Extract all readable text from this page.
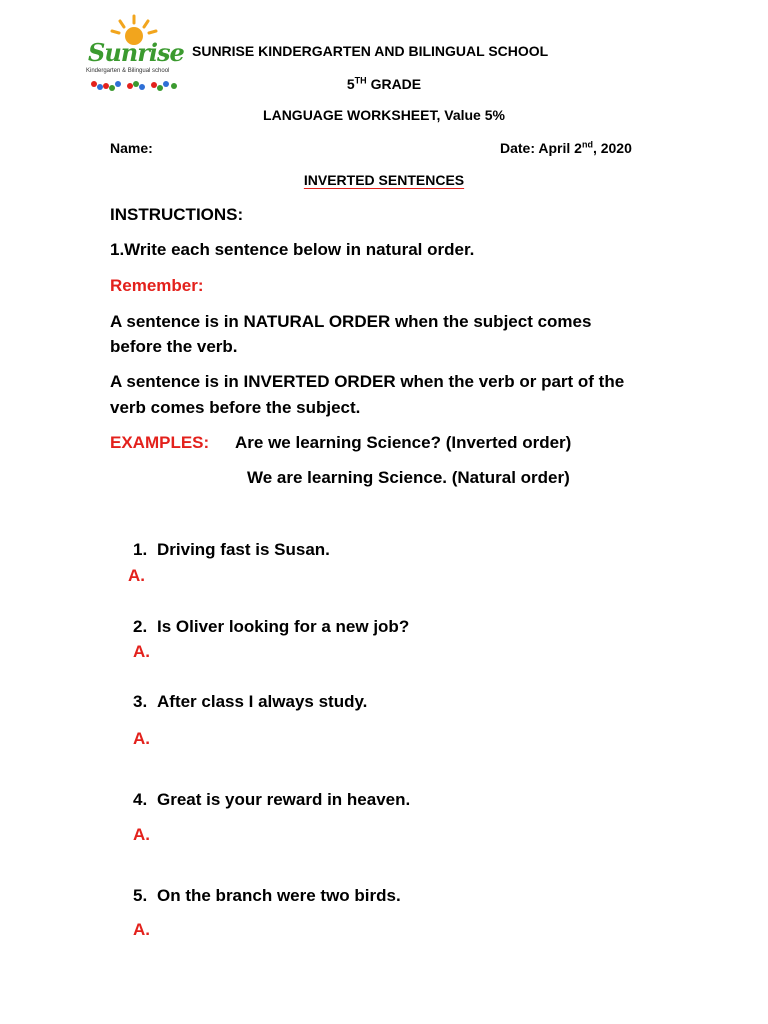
Sunrise
Kindergarten & Bilingual school
SUNRISE KINDERGARTEN AND BILINGUAL SCHOOL
5TH GRADE
LANGUAGE WORKSHEET, Value 5%
Name:	Date: April 2nd, 2020
INVERTED SENTENCES
INSTRUCTIONS:
1.Write each sentence below in natural order.
Remember:
A sentence is in NATURAL ORDER when the subject comes
before the verb.
A sentence is in INVERTED ORDER when the verb or part of the
verb comes before the subject.
EXAMPLES: Are we learning Science? (Inverted order)
We are learning Science. (Natural order)
1. Driving fast is Susan.
A.
2. Is Oliver looking for a new job?
A.
3. After class I always study.
A.
4. Great is your reward in heaven.
A.
5. On the branch were two birds.
A.
